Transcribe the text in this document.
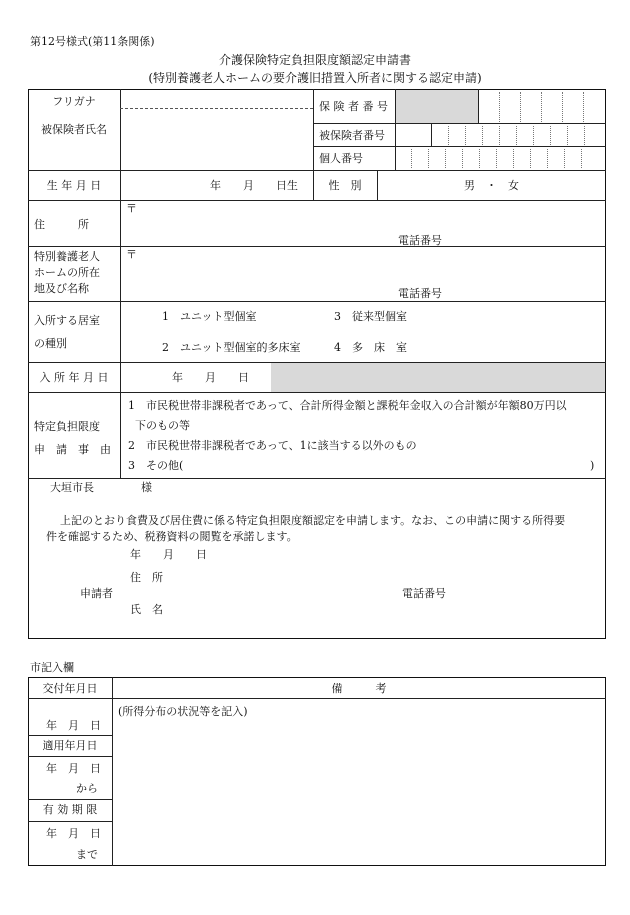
第12号様式(第11条関係)
介護保険特定負担限度額認定申請書
(特別養護老人ホームの要介護旧措置入所者に関する認定申請)
フリガナ
被保険者氏名
保 険 者 番 号
被保険者番号
個人番号
生 年 月 日	年　　月　　日生	性　別	男　・　女
住　　　所
〒
電話番号
特別養護老人
ホームの所在
地及び名称
〒
電話番号
入所する居室
の種別
1　ユニット型個室	3　従来型個室
2　ユニット型個室的多床室	4　多　床　室
入 所 年 月 日	年　　月　　日
特定負担限度
申　請　事　由
1　市民税世帯非課税者であって、合計所得金額と課税年金収入の合計額が年額80万円以
下のもの等
2　市民税世帯非課税者であって、1に該当する以外のもの
3　その他(	)
大垣市長	様
上記のとおり食費及び居住費に係る特定負担限度額認定を申請します。なお、この申請に関する所得要
件を確認するため、税務資料の閲覧を承諾します。
年　　月　　日
住　所
申請者	電話番号
氏　名
市記入欄
交付年月日	備　　　考
(所得分布の状況等を記入)
年　月　日
適用年月日
年　月　日
から
有 効 期 限
年　月　日
まで
